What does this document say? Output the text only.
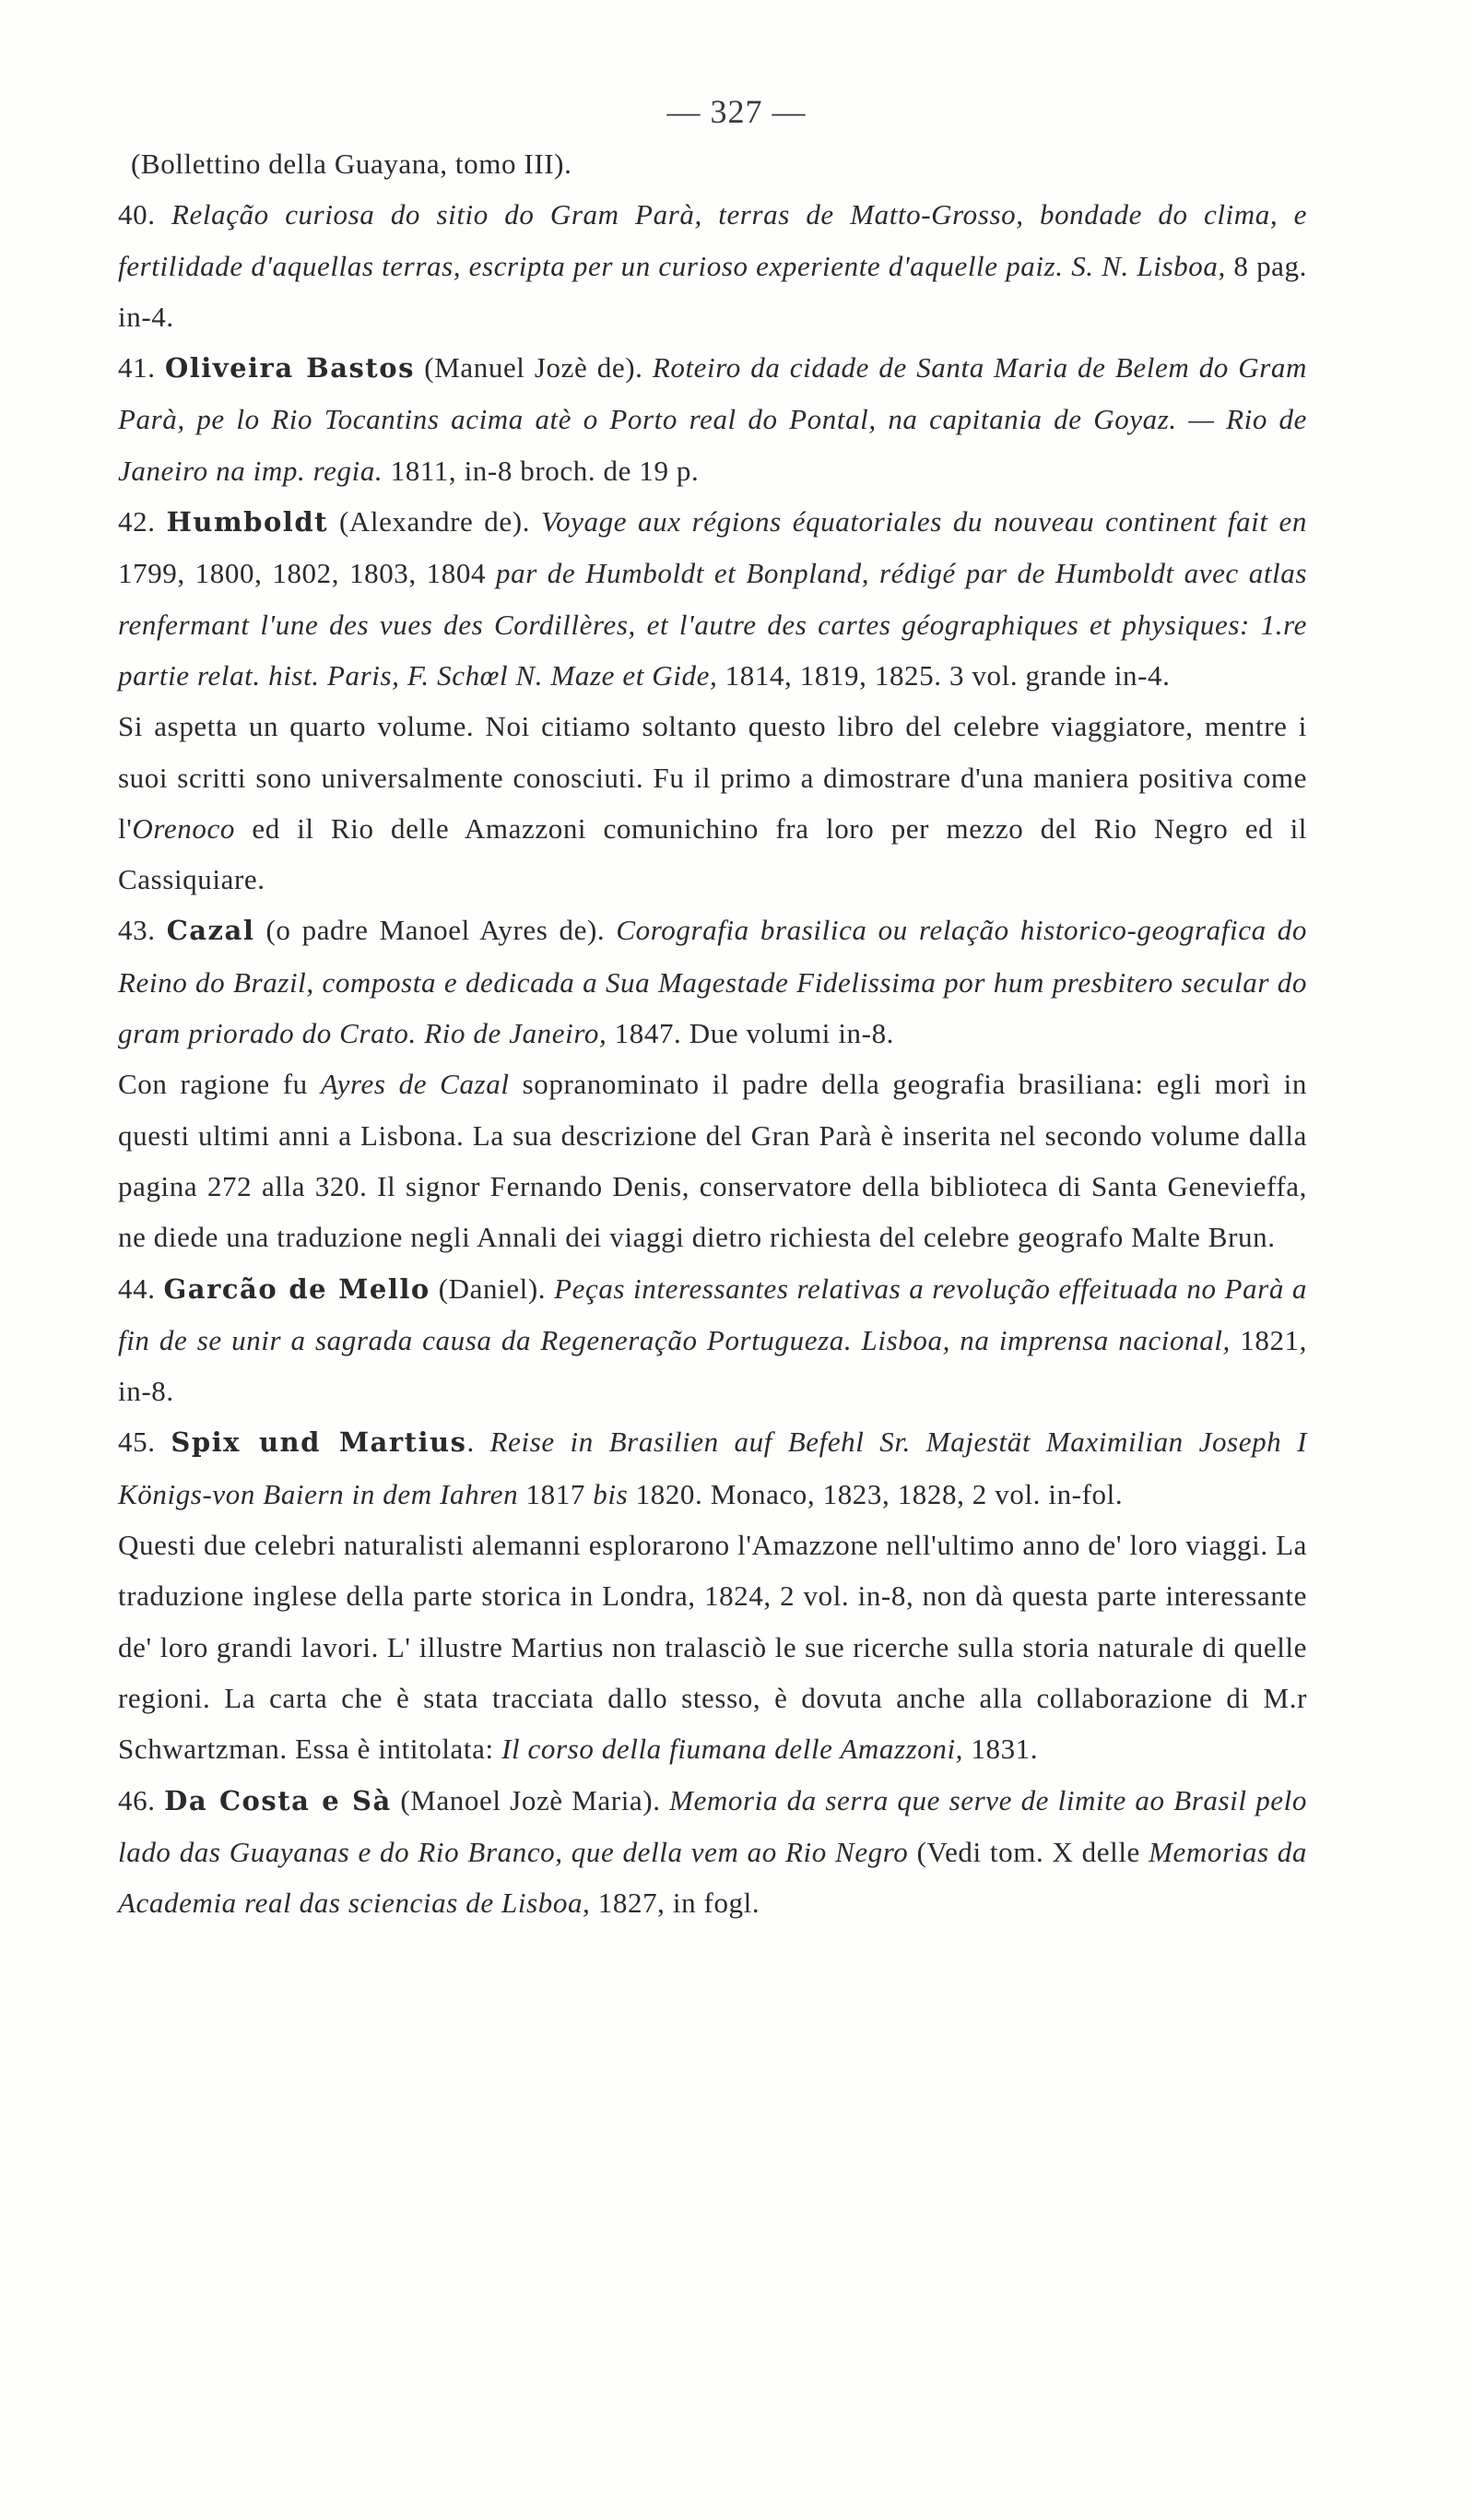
— 327 —

(Bollettino della Guayana, tomo III).

40. Relação curiosa do sitio do Gram Parà, terras de Matto-Grosso, bondade do clima, e fertilidade d'aquellas terras, escripta per un curioso experiente d'aquelle paiz. S. N. Lisboa, 8 pag. in-4.

41. Oliveira Bastos (Manuel Jozè de). Roteiro da cidade de Santa Maria de Belem do Gram Parà, pe lo Rio Tocantins acima atè o Porto real do Pontal, na capitania de Goyaz. — Rio de Janeiro na imp. regia. 1811, in-8 broch. de 19 p.

42. Humboldt (Alexandre de). Voyage aux régions équatoriales du nouveau continent fait en 1799, 1800, 1802, 1803, 1804 par de Humboldt et Bonpland, rédigé par de Humboldt avec atlas renfermant l'une des vues des Cordillères, et l'autre des cartes géographiques et physiques: 1.re partie relat. hist. Paris, F. Schœl N. Maze et Gide, 1814, 1819, 1825. 3 vol. grande in-4.

Si aspetta un quarto volume. Noi citiamo soltanto questo libro del celebre viaggiatore, mentre i suoi scritti sono universalmente conosciuti. Fu il primo a dimostrare d'una maniera positiva come l'Orenoco ed il Rio delle Amazzoni comunichino fra loro per mezzo del Rio Negro ed il Cassiquiare.

43. Cazal (o padre Manoel Ayres de). Corografia brasilica ou relação historico-geografica do Reino do Brazil, composta e dedicada a Sua Magestade Fidelissima por hum presbitero secular do gram priorado do Crato. Rio de Janeiro, 1847. Due volumi in-8.

Con ragione fu Ayres de Cazal sopranominato il padre della geografia brasiliana: egli morì in questi ultimi anni a Lisbona. La sua descrizione del Gran Parà è inserita nel secondo volume dalla pagina 272 alla 320. Il signor Fernando Denis, conservatore della biblioteca di Santa Genevieffa, ne diede una traduzione negli Annali dei viaggi dietro richiesta del celebre geografo Malte Brun.

44. Garcão de Mello (Daniel). Peças interessantes relativas a revolução effeituada no Parà a fin de se unir a sagrada causa da Regeneração Portugueza. Lisboa, na imprensa nacional, 1821, in-8.

45. Spix und Martius. Reise in Brasilien auf Befehl Sr. Majestät Maximilian Joseph I Königs-von Baiern in dem Iahren 1817 bis 1820. Monaco, 1823, 1828, 2 vol. in-fol.

Questi due celebri naturalisti alemanni esplorarono l'Amazzone nell'ultimo anno de' loro viaggi. La traduzione inglese della parte storica in Londra, 1824, 2 vol. in-8, non dà questa parte interessante de' loro grandi lavori. L' illustre Martius non tralasciò le sue ricerche sulla storia naturale di quelle regioni. La carta che è stata tracciata dallo stesso, è dovuta anche alla collaborazione di M.r Schwartzman. Essa è intitolata: Il corso della fiumana delle Amazzoni, 1831.

46. Da Costa e Sà (Manoel Jozè Maria). Memoria da serra que serve de limite ao Brasil pelo lado das Guayanas e do Rio Branco, que della vem ao Rio Negro (Vedi tom. X delle Memorias da Academia real das sciencias de Lisboa, 1827, in fogl.
